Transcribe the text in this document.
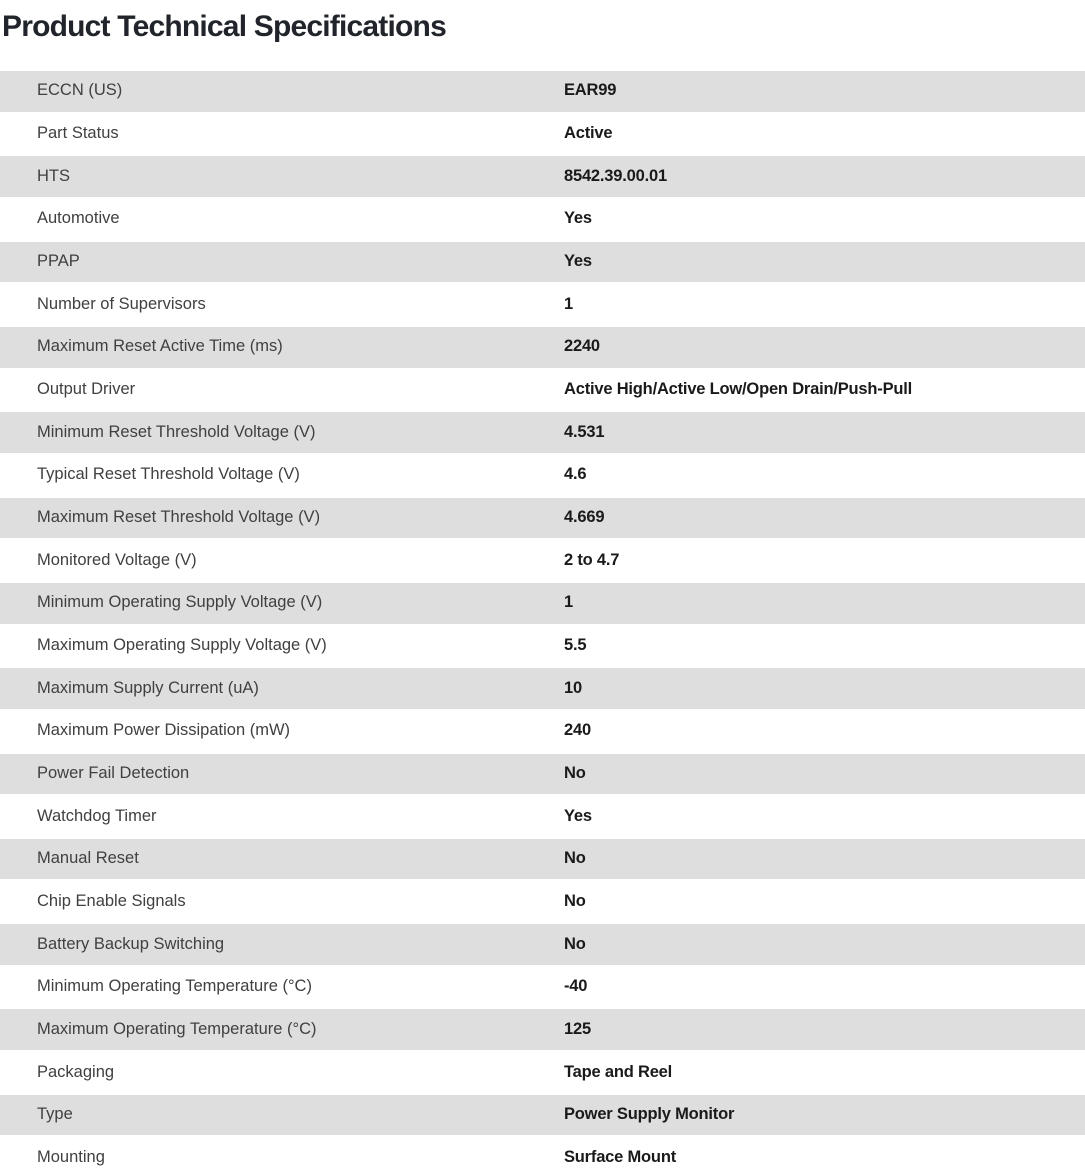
Product Technical Specifications
ECCN (US)	EAR99
Part Status	Active
HTS	8542.39.00.01
Automotive	Yes
PPAP	Yes
Number of Supervisors	1
Maximum Reset Active Time (ms)	2240
Output Driver	Active High/Active Low/Open Drain/Push-Pull
Minimum Reset Threshold Voltage (V)	4.531
Typical Reset Threshold Voltage (V)	4.6
Maximum Reset Threshold Voltage (V)	4.669
Monitored Voltage (V)	2 to 4.7
Minimum Operating Supply Voltage (V)	1
Maximum Operating Supply Voltage (V)	5.5
Maximum Supply Current (uA)	10
Maximum Power Dissipation (mW)	240
Power Fail Detection	No
Watchdog Timer	Yes
Manual Reset	No
Chip Enable Signals	No
Battery Backup Switching	No
Minimum Operating Temperature (°C)	-40
Maximum Operating Temperature (°C)	125
Packaging	Tape and Reel
Type	Power Supply Monitor
Mounting	Surface Mount
